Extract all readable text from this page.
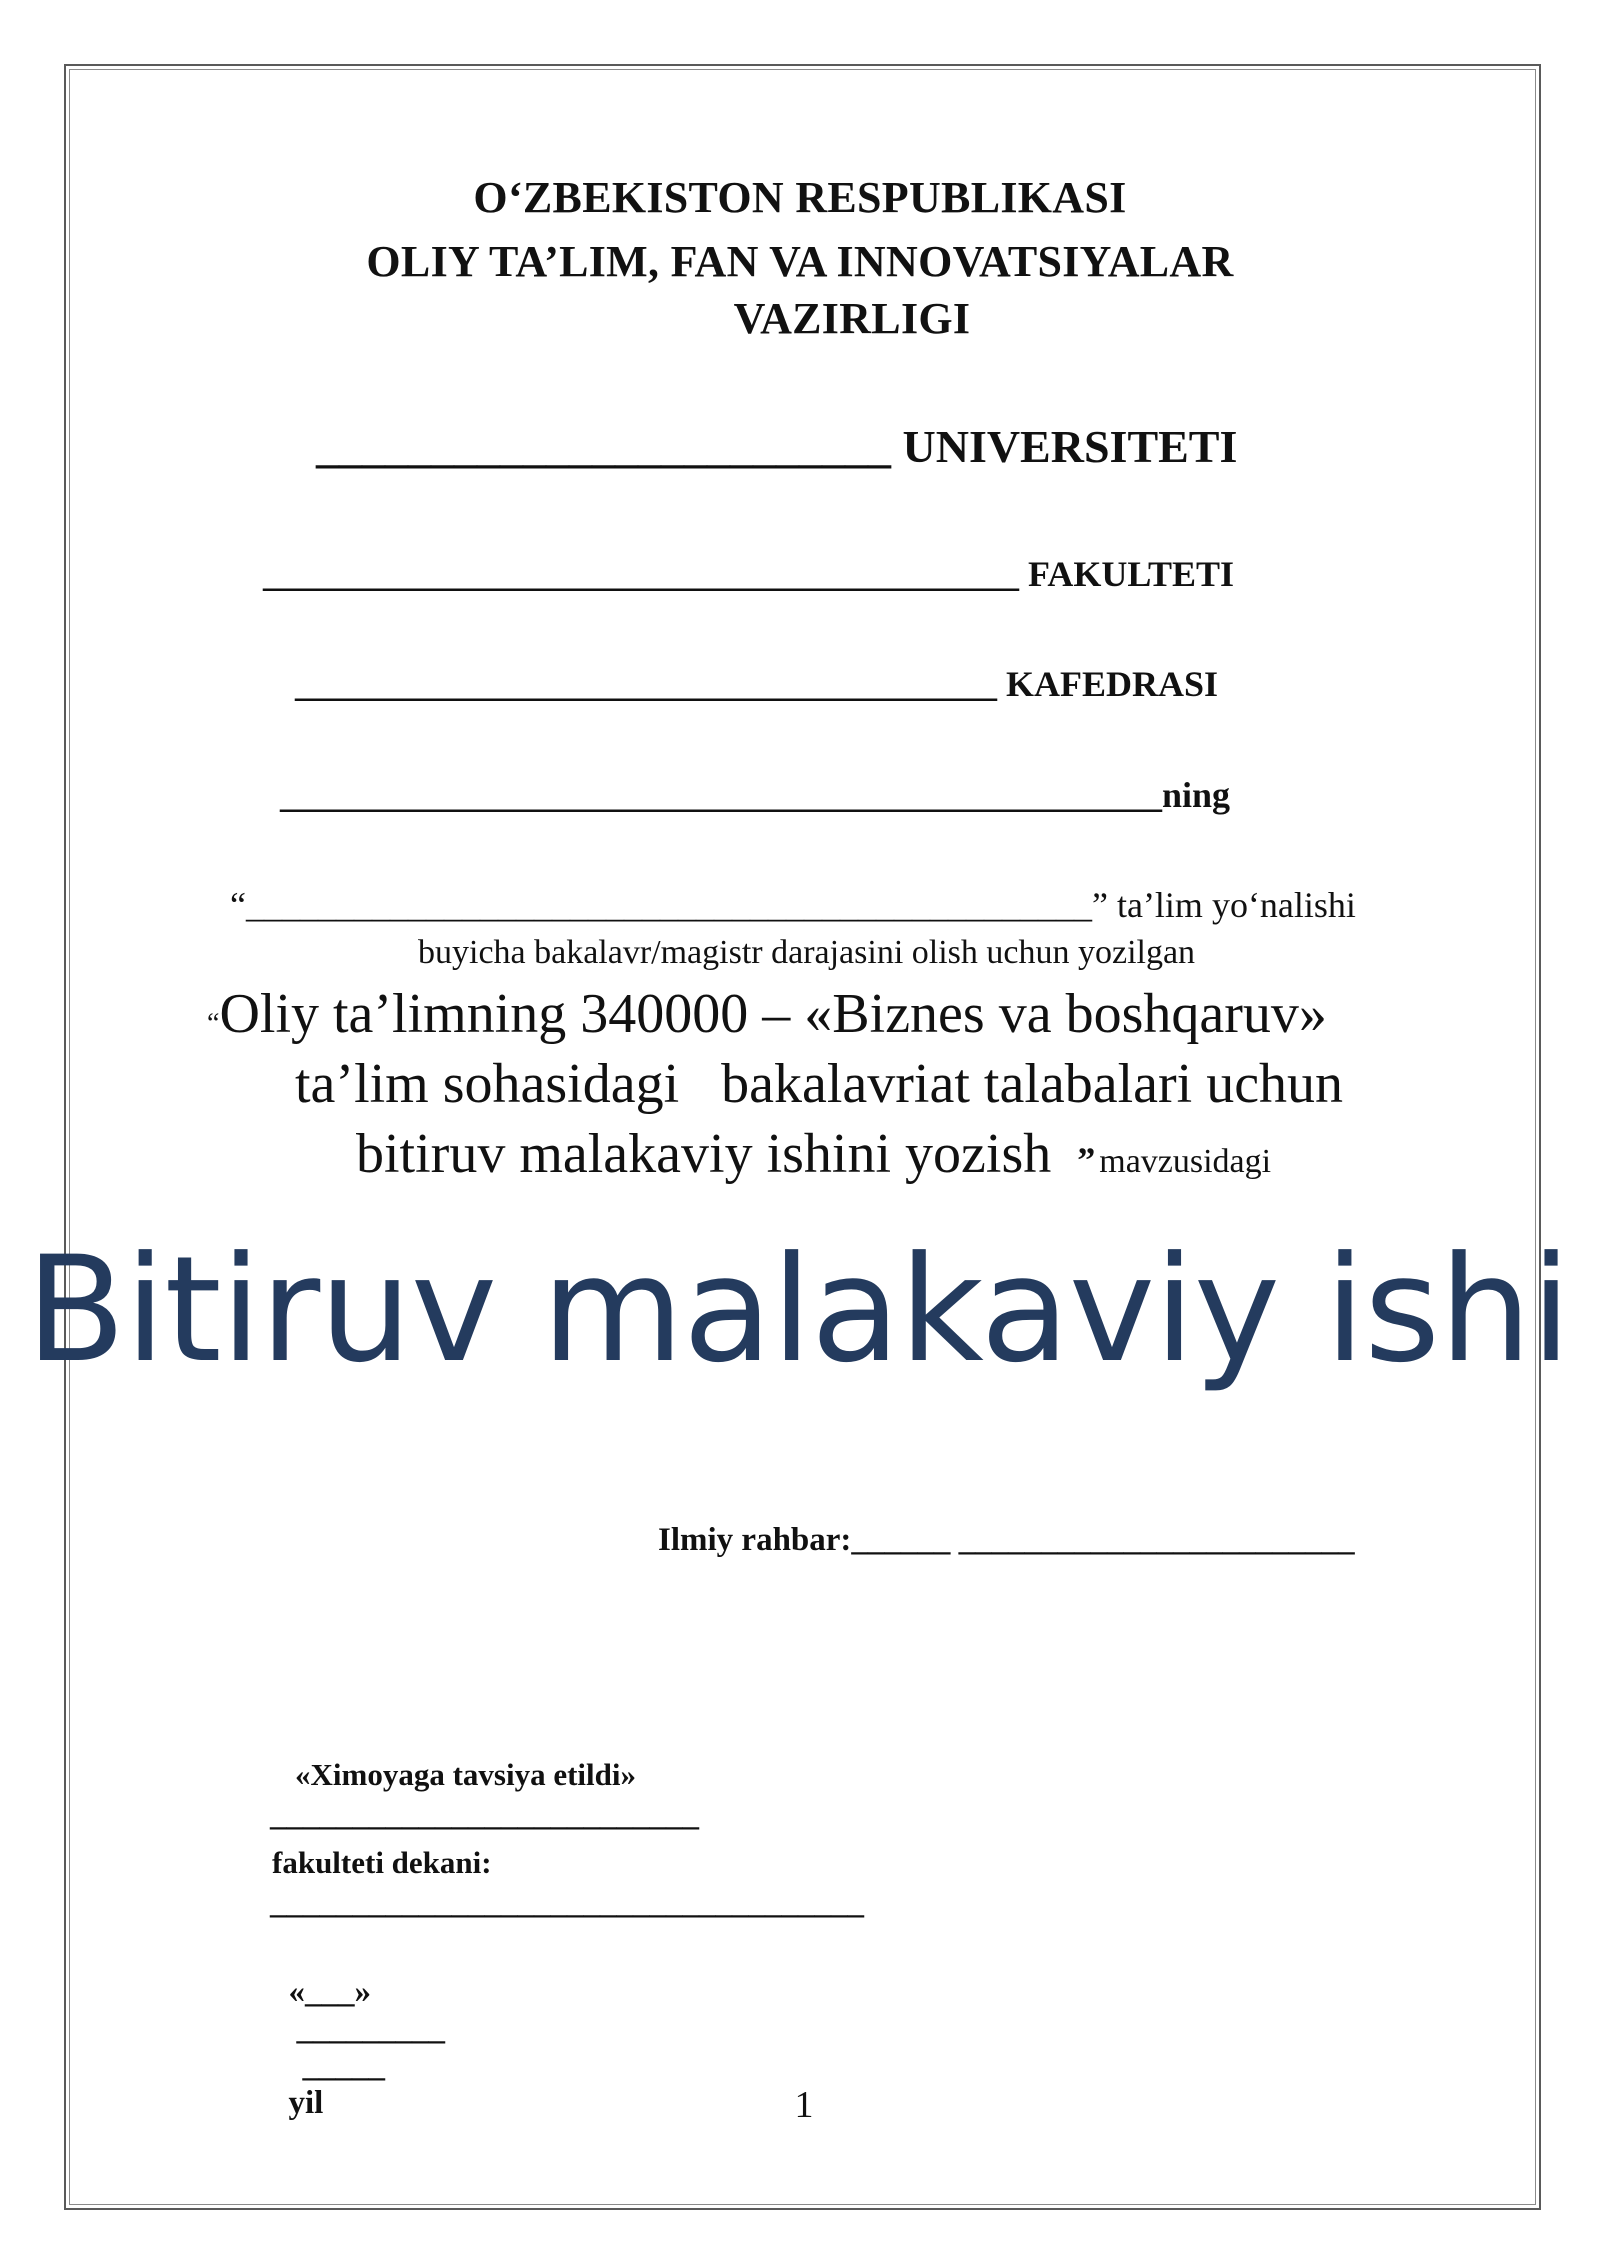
O‘ZBEKISTON RESPUBLIKASI
OLIY TA’LIM, FAN VA INNOVATSIYALAR
VAZIRLIGI
_________________________ UNIVERSITETI
__________________________________________ FAKULTETI
_______________________________________ KAFEDRASI
_________________________________________________ning
“_______________________________________________” ta’lim yo‘nalishi
buyicha bakalavr/magistr darajasini olish uchun yozilgan
“Oliy ta’limning 340000 – «Biznes va boshqaruv»
ta’lim sohasidagi   bakalavriat talabalari uchun
bitiruv malakaviy ishini yozish ” mavzusidagi
Bitiruv malakaviy ishi
Ilmiy rahbar:______ ________________________
«Ximoyaga tavsiya etildi»
__________________________
fakulteti dekani:
____________________________________

«___»
_________
_____
yil	1
